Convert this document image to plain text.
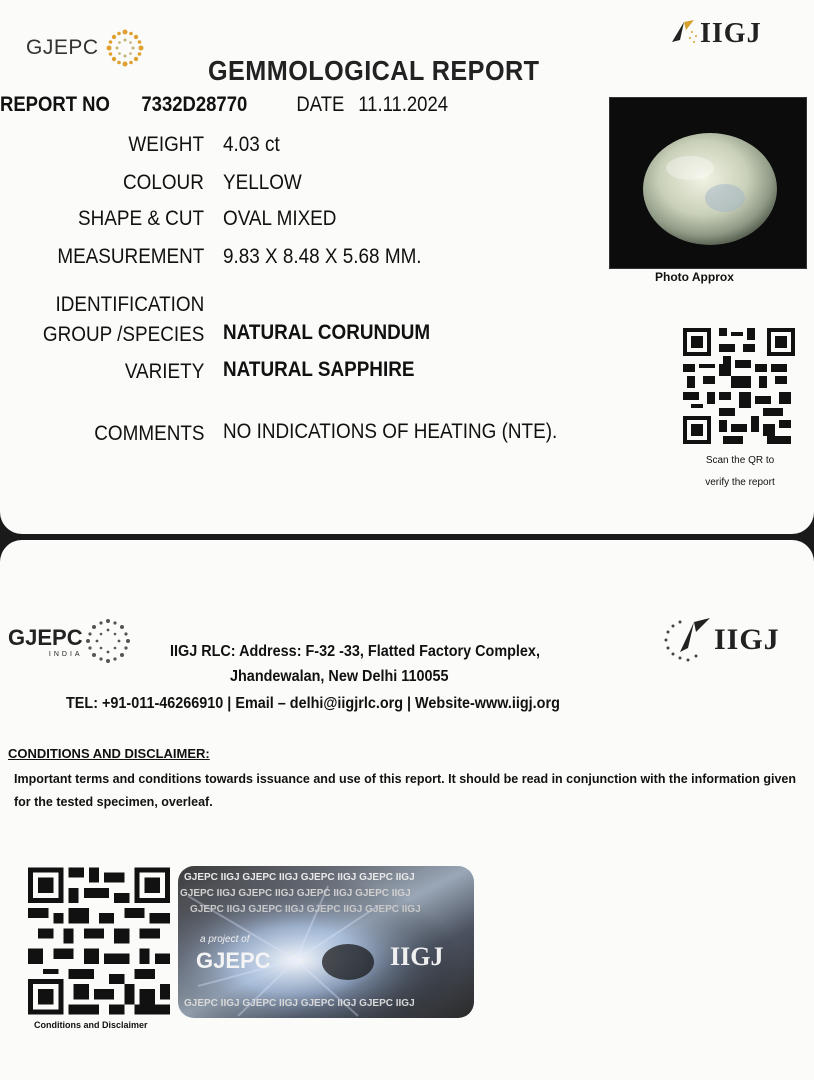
GJEPC	IIGJ
GEMMOLOGICAL REPORT
REPORT NO 7332D28770 DATE 11.11.2024
WEIGHT 4.03 ct
COLOUR YELLOW
SHAPE & CUT OVAL MIXED
MEASUREMENT 9.83 X 8.48 X 5.68 MM.
IDENTIFICATION
GROUP /SPECIES NATURAL CORUNDUM
VARIETY NATURAL SAPPHIRE
COMMENTS NO INDICATIONS OF HEATING (NTE).
Photo Approx
Scan the QR to
verify the report
GJEPC
INDIA	IIGJ
IIGJ RLC: Address: F-32 -33, Flatted Factory Complex,
Jhandewalan, New Delhi 110055
TEL: +91-011-46266910 | Email – delhi@iigjrlc.org | Website-www.iigj.org
CONDITIONS AND DISCLAIMER:
Important terms and conditions towards issuance and use of this report. It should be read in conjunction with the information given for the tested specimen, overleaf.
Conditions and Disclaimer
GJEPC IIGJ GJEPC IIGJ GJEPC IIGJ GJEPC IIGJ
GJEPC IIGJ GJEPC IIGJ GJEPC IIGJ GJEPC IIGJ
GJEPC IIGJ GJEPC IIGJ GJEPC IIGJ GJEPC IIGJ
a project of
GJEPC	IIGJ
GJEPC IIGJ GJEPC IIGJ GJEPC IIGJ GJEPC IIGJ
